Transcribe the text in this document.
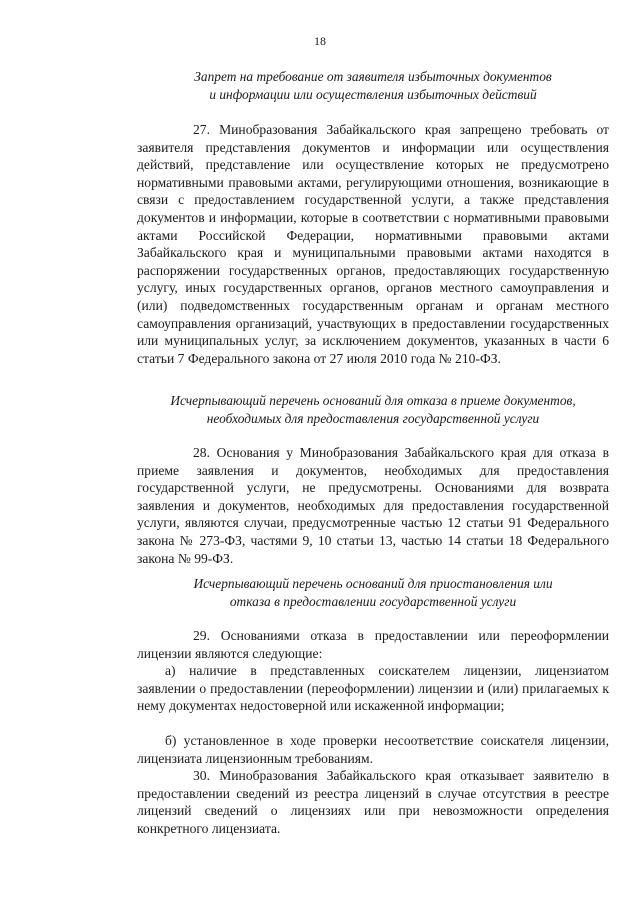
18
Запрет на требование от заявителя избыточных документов
и информации или осуществления избыточных действий

27. Минобразования Забайкальского края запрещено требовать от заявителя представления документов и информации или осуществления действий, представление или осуществление которых не предусмотрено нормативными правовыми актами, регулирующими отношения, возникающие в связи с предоставлением государственной услуги, а также представления документов и информации, которые в соответствии с нормативными правовыми актами Российской Федерации, нормативными правовыми актами Забайкальского края и муниципальными правовыми актами находятся в распоряжении государственных органов, предоставляющих государственную услугу, иных государственных органов, органов местного самоуправления и (или) подведомственных государственным органам и органам местного самоуправления организаций, участвующих в предоставлении государственных или муниципальных услуг, за исключением документов, указанных в части 6 статьи 7 Федерального закона от 27 июля 2010 года № 210-ФЗ.

Исчерпывающий перечень оснований для отказа в приеме документов,
необходимых для предоставления государственной услуги

28. Основания у Минобразования Забайкальского края для отказа в приеме заявления и документов, необходимых для предоставления государственной услуги, не предусмотрены. Основаниями для возврата заявления и документов, необходимых для предоставления государственной услуги, являются случаи, предусмотренные частью 12 статьи 91 Федерального закона № 273-ФЗ, частями 9, 10 статьи 13, частью 14 статьи 18 Федерального закона № 99-ФЗ.

Исчерпывающий перечень оснований для приостановления или
отказа в предоставлении государственной услуги

29. Основаниями отказа в предоставлении или переоформлении лицензии являются следующие:

а) наличие в представленных соискателем лицензии, лицензиатом заявлении о предоставлении (переоформлении) лицензии и (или) прилагаемых к нему документах недостоверной или искаженной информации;

б) установленное в ходе проверки несоответствие соискателя лицензии, лицензиата лицензионным требованиям.

30. Минобразования Забайкальского края отказывает заявителю в предоставлении сведений из реестра лицензий в случае отсутствия в реестре лицензий сведений о лицензиях или при невозможности определения конкретного лицензиата.
